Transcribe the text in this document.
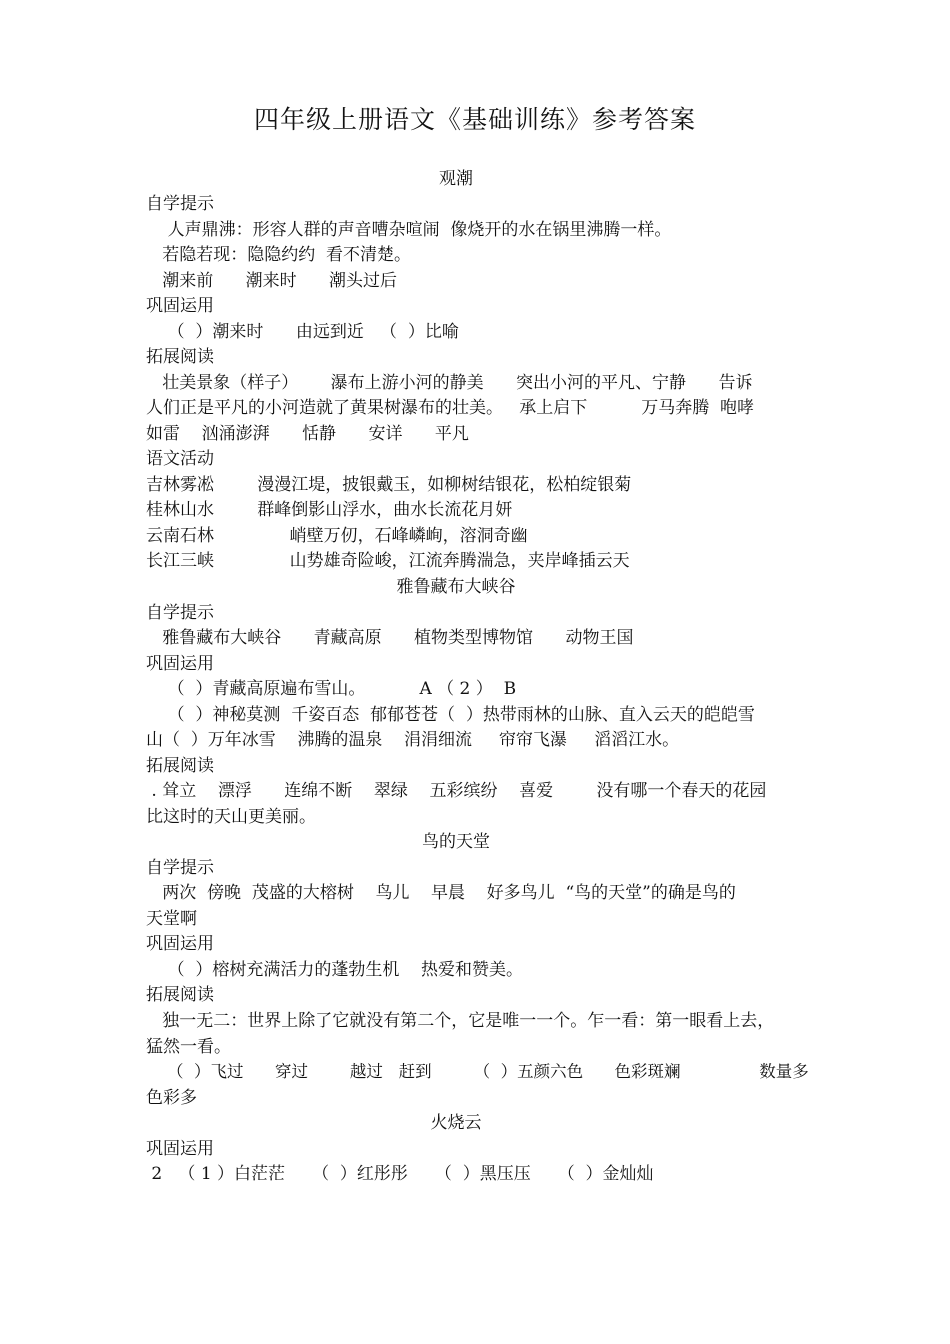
四年级上册语文《基础训练》参考答案
观潮
自学提示
人声鼎沸：形容人群的声音嘈杂喧闹  像烧开的水在锅里沸腾一样。
若隐若现：隐隐约约  看不清楚。
潮来前      潮来时      潮头过后
巩固运用
（  ）潮来时      由远到近   （  ）比喻
拓展阅读
壮美景象（样子）      瀑布上游小河的静美      突出小河的平凡、宁静      告诉
人们正是平凡的小河造就了黄果树瀑布的壮美。   承上启下          万马奔腾  咆哮
如雷    汹涌澎湃      恬静      安详      平凡
语文活动
吉林雾凇        漫漫江堤，披银戴玉，如柳树结银花，松柏绽银菊
桂林山水        群峰倒影山浮水，曲水长流花月妍
云南石林              峭壁万仞，石峰嶙峋，溶洞奇幽
长江三峡              山势雄奇险峻，江流奔腾湍急，夹岸峰插云天
雅鲁藏布大峡谷
自学提示
雅鲁藏布大峡谷      青藏高原      植物类型博物馆      动物王国
巩固运用
（  ）青藏高原遍布雪山。          A （ 2 ）  B
（  ）神秘莫测  千姿百态  郁郁苍苍（  ）热带雨林的山脉、直入云天的皑皑雪
山（  ）万年冰雪    沸腾的温泉    涓涓细流     帘帘飞瀑     滔滔江水。
拓展阅读
. 耸立    漂浮      连绵不断    翠绿    五彩缤纷    喜爱        没有哪一个春天的花园
比这时的天山更美丽。
鸟的天堂
自学提示
两次  傍晚  茂盛的大榕树    鸟儿    早晨    好多鸟儿  “鸟的天堂”的确是鸟的
天堂啊
巩固运用
（  ）榕树充满活力的蓬勃生机    热爱和赞美。
拓展阅读
独一无二：世界上除了它就没有第二个，它是唯一一个。乍一看：第一眼看上去，
猛然一看。
（  ）飞过      穿过        越过   赶到        （  ）五颜六色      色彩斑斓               数量多
色彩多
火烧云
巩固运用
2   （ 1 ）白茫茫     （  ）红彤彤     （  ）黑压压     （  ）金灿灿
